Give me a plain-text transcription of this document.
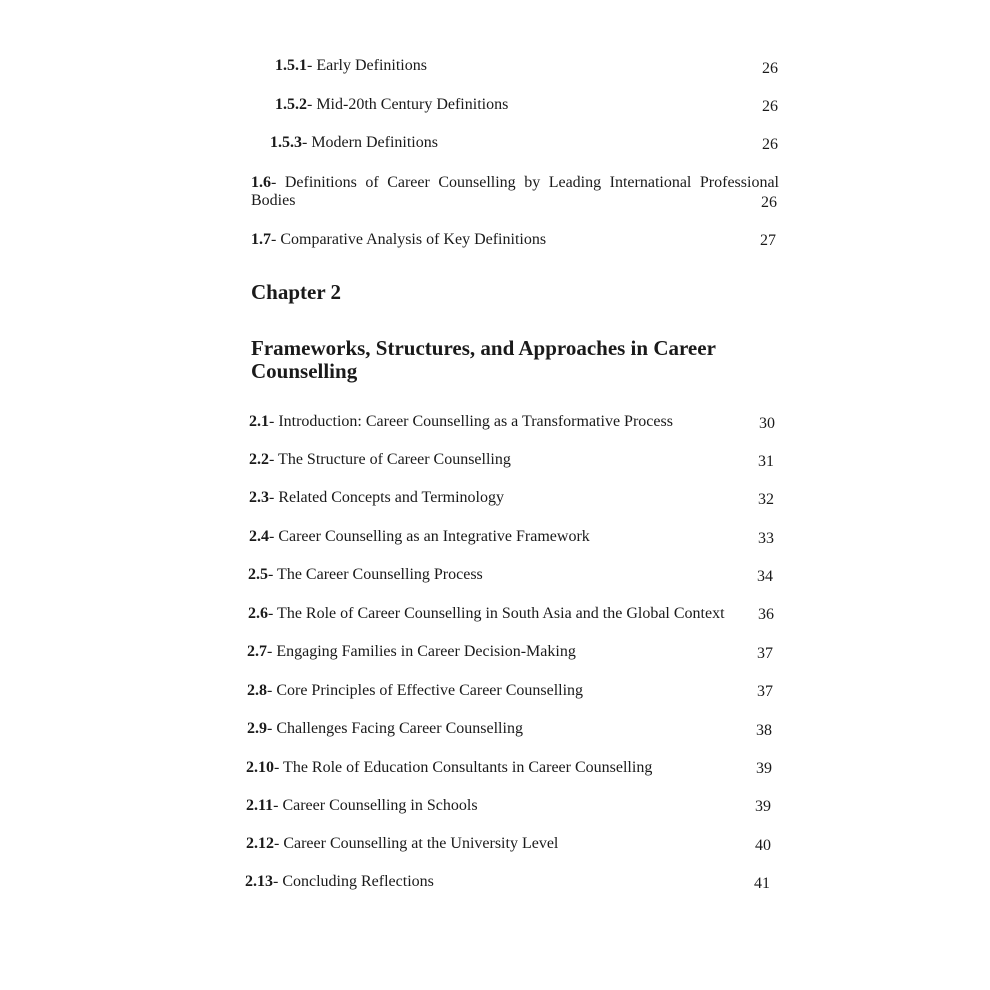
1.5.1- Early Definitions	26
1.5.2- Mid-20th Century Definitions	26
1.5.3- Modern Definitions	26
1.6- Definitions of Career Counselling by Leading International Professional Bodies	26
1.7- Comparative Analysis of Key Definitions	27
Chapter 2
Frameworks, Structures, and Approaches in Career Counselling
2.1- Introduction: Career Counselling as a Transformative Process	30
2.2- The Structure of Career Counselling	31
2.3- Related Concepts and Terminology	32
2.4- Career Counselling as an Integrative Framework	33
2.5- The Career Counselling Process	34
2.6- The Role of Career Counselling in South Asia and the Global Context	36
2.7- Engaging Families in Career Decision-Making	37
2.8- Core Principles of Effective Career Counselling	37
2.9- Challenges Facing Career Counselling	38
2.10- The Role of Education Consultants in Career Counselling	39
2.11- Career Counselling in Schools	39
2.12- Career Counselling at the University Level	40
2.13- Concluding Reflections	41
